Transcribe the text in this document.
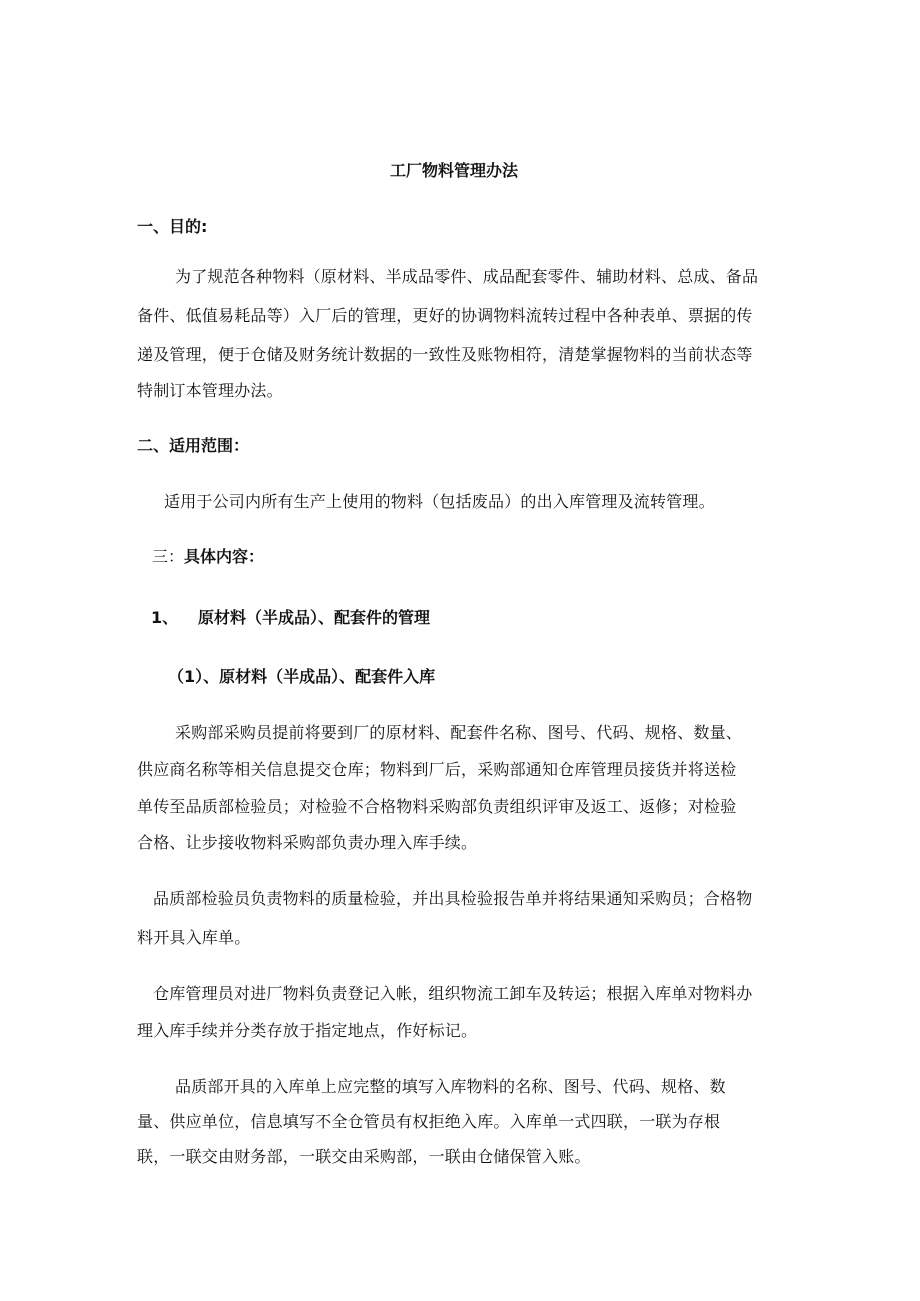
工厂物料管理办法
一、目的:
为了规范各种物料（原材料、半成品零件、成品配套零件、辅助材料、总成、备品
备件、低值易耗品等）入厂后的管理，更好的协调物料流转过程中各种表单、票据的传
递及管理，便于仓储及财务统计数据的一致性及账物相符，清楚掌握物料的当前状态等
特制订本管理办法。
二、适用范围：
适用于公司内所有生产上使用的物料（包括废品）的出入库管理及流转管理。
三：具体内容：
1、 原材料（半成品）、配套件的管理
（1）、原材料（半成品）、配套件入库
采购部采购员提前将要到厂的原材料、配套件名称、图号、代码、规格、数量、
供应商名称等相关信息提交仓库；物料到厂后，采购部通知仓库管理员接货并将送检
单传至品质部检验员；对检验不合格物料采购部负责组织评审及返工、返修；对检验
合格、让步接收物料采购部负责办理入库手续。
品质部检验员负责物料的质量检验，并出具检验报告单并将结果通知采购员；合格物
料开具入库单。
仓库管理员对进厂物料负责登记入帐，组织物流工卸车及转运；根据入库单对物料办
理入库手续并分类存放于指定地点，作好标记。
品质部开具的入库单上应完整的填写入库物料的名称、图号、代码、规格、数
量、供应单位，信息填写不全仓管员有权拒绝入库。入库单一式四联，一联为存根
联，一联交由财务部，一联交由采购部，一联由仓储保管入账。
